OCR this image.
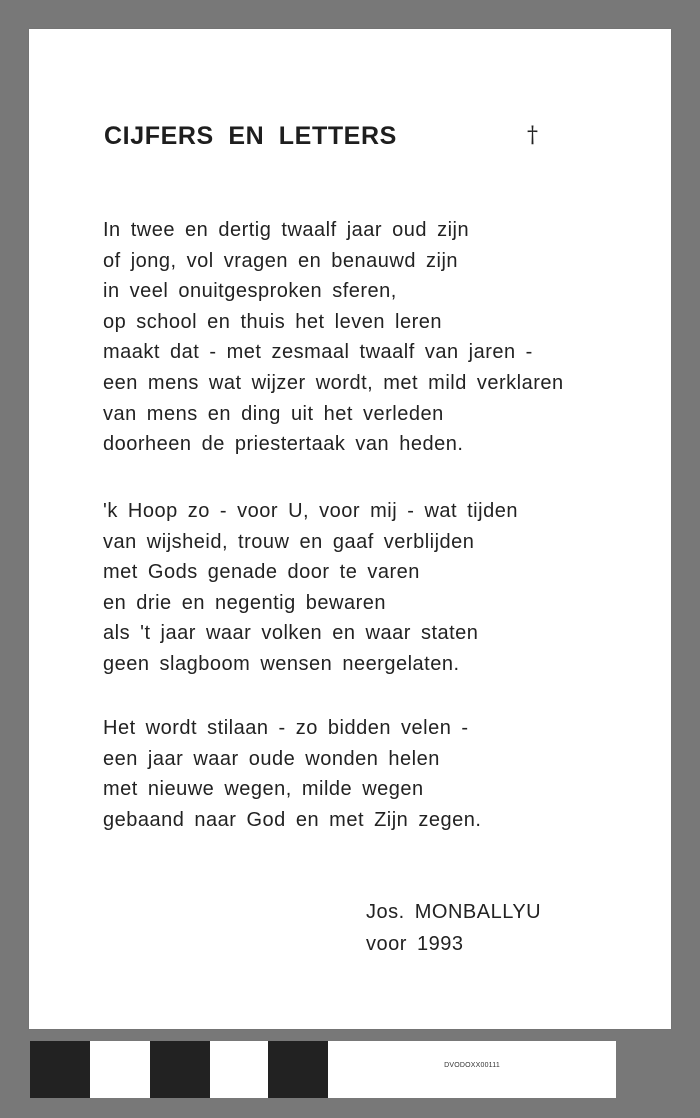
CIJFERS EN LETTERS	†
In twee en dertig twaalf jaar oud zijn
of jong, vol vragen en benauwd zijn
in veel onuitgesproken sferen,
op school en thuis het leven leren
maakt dat - met zesmaal twaalf van jaren -
een mens wat wijzer wordt, met mild verklaren
van mens en ding uit het verleden
doorheen de priestertaak van heden.
'k Hoop zo - voor U, voor mij - wat tijden
van wijsheid, trouw en gaaf verblijden
met Gods genade door te varen
en drie en negentig bewaren
als 't jaar waar volken en waar staten
geen slagboom wensen neergelaten.
Het wordt stilaan - zo bidden velen -
een jaar waar oude wonden helen
met nieuwe wegen, milde wegen
gebaand naar God en met Zijn zegen.
Jos. MONBALLYU
voor 1993
DVODOXX00111
